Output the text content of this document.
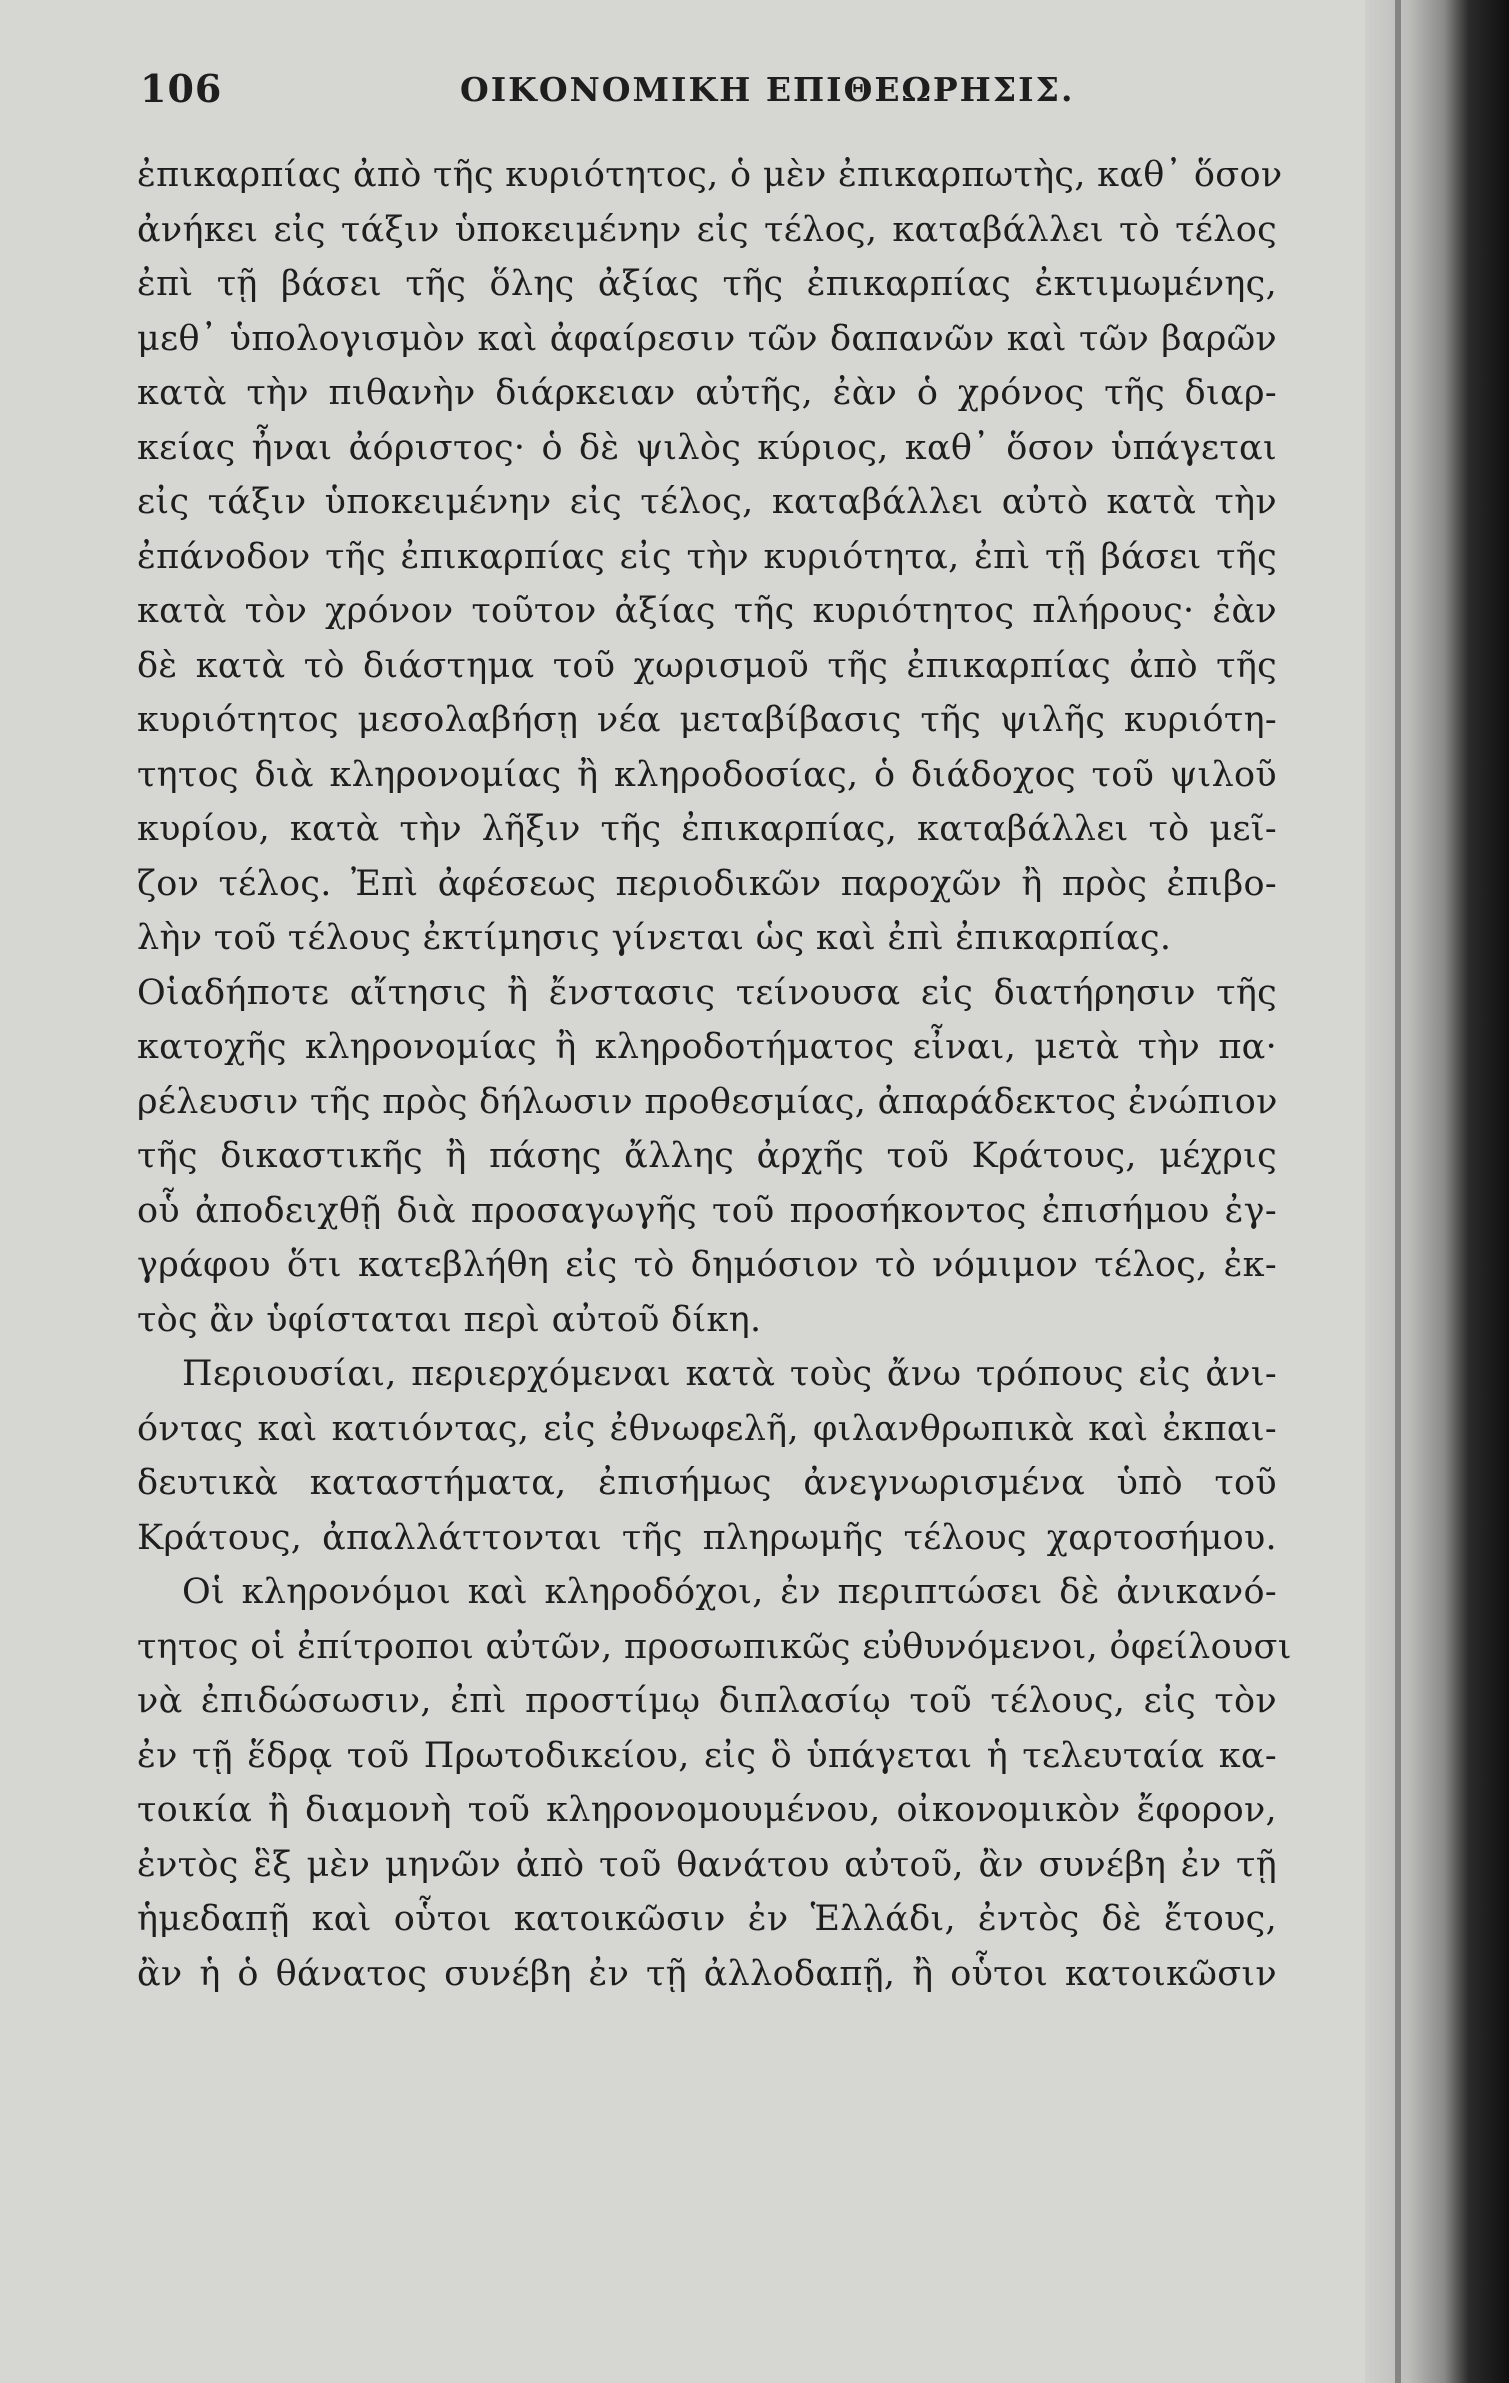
106	ΟΙΚΟΝΟΜΙΚΗ ΕΠΙΘΕΩΡΗΣΙΣ.
ἐπικαρπίας ἀπὸ τῆς κυριότητος, ὁ μὲν ἐπικαρπωτὴς, καθ᾽ ὅσον
ἀνήκει εἰς τάξιν ὑποκειμένην εἰς τέλος, καταβάλλει τὸ τέλος
ἐπὶ τῇ βάσει τῆς ὅλης ἀξίας τῆς ἐπικαρπίας ἐκτιμωμένης,
μεθ᾽ ὑπολογισμὸν καὶ ἀφαίρεσιν τῶν δαπανῶν καὶ τῶν βαρῶν
κατὰ τὴν πιθανὴν διάρκειαν αὐτῆς, ἐὰν ὁ χρόνος τῆς διαρ-
κείας ἦναι ἀόριστος· ὁ δὲ ψιλὸς κύριος, καθ᾽ ὅσον ὑπάγεται
εἰς τάξιν ὑποκειμένην εἰς τέλος, καταβάλλει αὐτὸ κατὰ τὴν
ἐπάνοδον τῆς ἐπικαρπίας εἰς τὴν κυριότητα, ἐπὶ τῇ βάσει τῆς
κατὰ τὸν χρόνον τοῦτον ἀξίας τῆς κυριότητος πλήρους· ἐὰν
δὲ κατὰ τὸ διάστημα τοῦ χωρισμοῦ τῆς ἐπικαρπίας ἀπὸ τῆς
κυριότητος μεσολαβήσῃ νέα μεταβίβασις τῆς ψιλῆς κυριότη-
τητος διὰ κληρονομίας ἢ κληροδοσίας, ὁ διάδοχος τοῦ ψιλοῦ
κυρίου, κατὰ τὴν λῆξιν τῆς ἐπικαρπίας, καταβάλλει τὸ μεῖ-
ζον τέλος. Ἐπὶ ἀφέσεως περιοδικῶν παροχῶν ἢ πρὸς ἐπιβο-
λὴν τοῦ τέλους ἐκτίμησις γίνεται ὡς καὶ ἐπὶ ἐπικαρπίας.
Οἱαδήποτε αἴτησις ἢ ἔνστασις τείνουσα εἰς διατήρησιν τῆς
κατοχῆς κληρονομίας ἢ κληροδοτήματος εἶναι, μετὰ τὴν πα·
ρέλευσιν τῆς πρὸς δήλωσιν προθεσμίας, ἀπαράδεκτος ἐνώπιον
τῆς δικαστικῆς ἢ πάσης ἄλλης ἀρχῆς τοῦ Κράτους, μέχρις
οὗ ἀποδειχθῇ διὰ προσαγωγῆς τοῦ προσήκοντος ἐπισήμου ἐγ-
γράφου ὅτι κατεβλήθη εἰς τὸ δημόσιον τὸ νόμιμον τέλος, ἐκ-
τὸς ἂν ὑφίσταται περὶ αὐτοῦ δίκη.
Περιουσίαι, περιερχόμεναι κατὰ τοὺς ἄνω τρόπους εἰς ἀνι-
όντας καὶ κατιόντας, εἰς ἐθνωφελῆ, φιλανθρωπικὰ καὶ ἐκπαι-
δευτικὰ καταστήματα, ἐπισήμως ἀνεγνωρισμένα ὑπὸ τοῦ
Κράτους, ἀπαλλάττονται τῆς πληρωμῆς τέλους χαρτοσήμου.
Οἱ κληρονόμοι καὶ κληροδόχοι, ἐν περιπτώσει δὲ ἀνικανό-
τητος οἱ ἐπίτροποι αὐτῶν, προσωπικῶς εὐθυνόμενοι, ὀφείλουσι
νὰ ἐπιδώσωσιν, ἐπὶ προστίμῳ διπλασίῳ τοῦ τέλους, εἰς τὸν
ἐν τῇ ἕδρᾳ τοῦ Πρωτοδικείου, εἰς ὃ ὑπάγεται ἡ τελευταία κα-
τοικία ἢ διαμονὴ τοῦ κληρονομουμένου, οἰκονομικὸν ἔφορον,
ἐντὸς ἓξ μὲν μηνῶν ἀπὸ τοῦ θανάτου αὐτοῦ, ἂν συνέβη ἐν τῇ
ἡμεδαπῇ καὶ οὗτοι κατοικῶσιν ἐν Ἑλλάδι, ἐντὸς δὲ ἔτους,
ἂν ἡ ὁ θάνατος συνέβη ἐν τῇ ἀλλοδαπῇ, ἢ οὗτοι κατοικῶσιν
